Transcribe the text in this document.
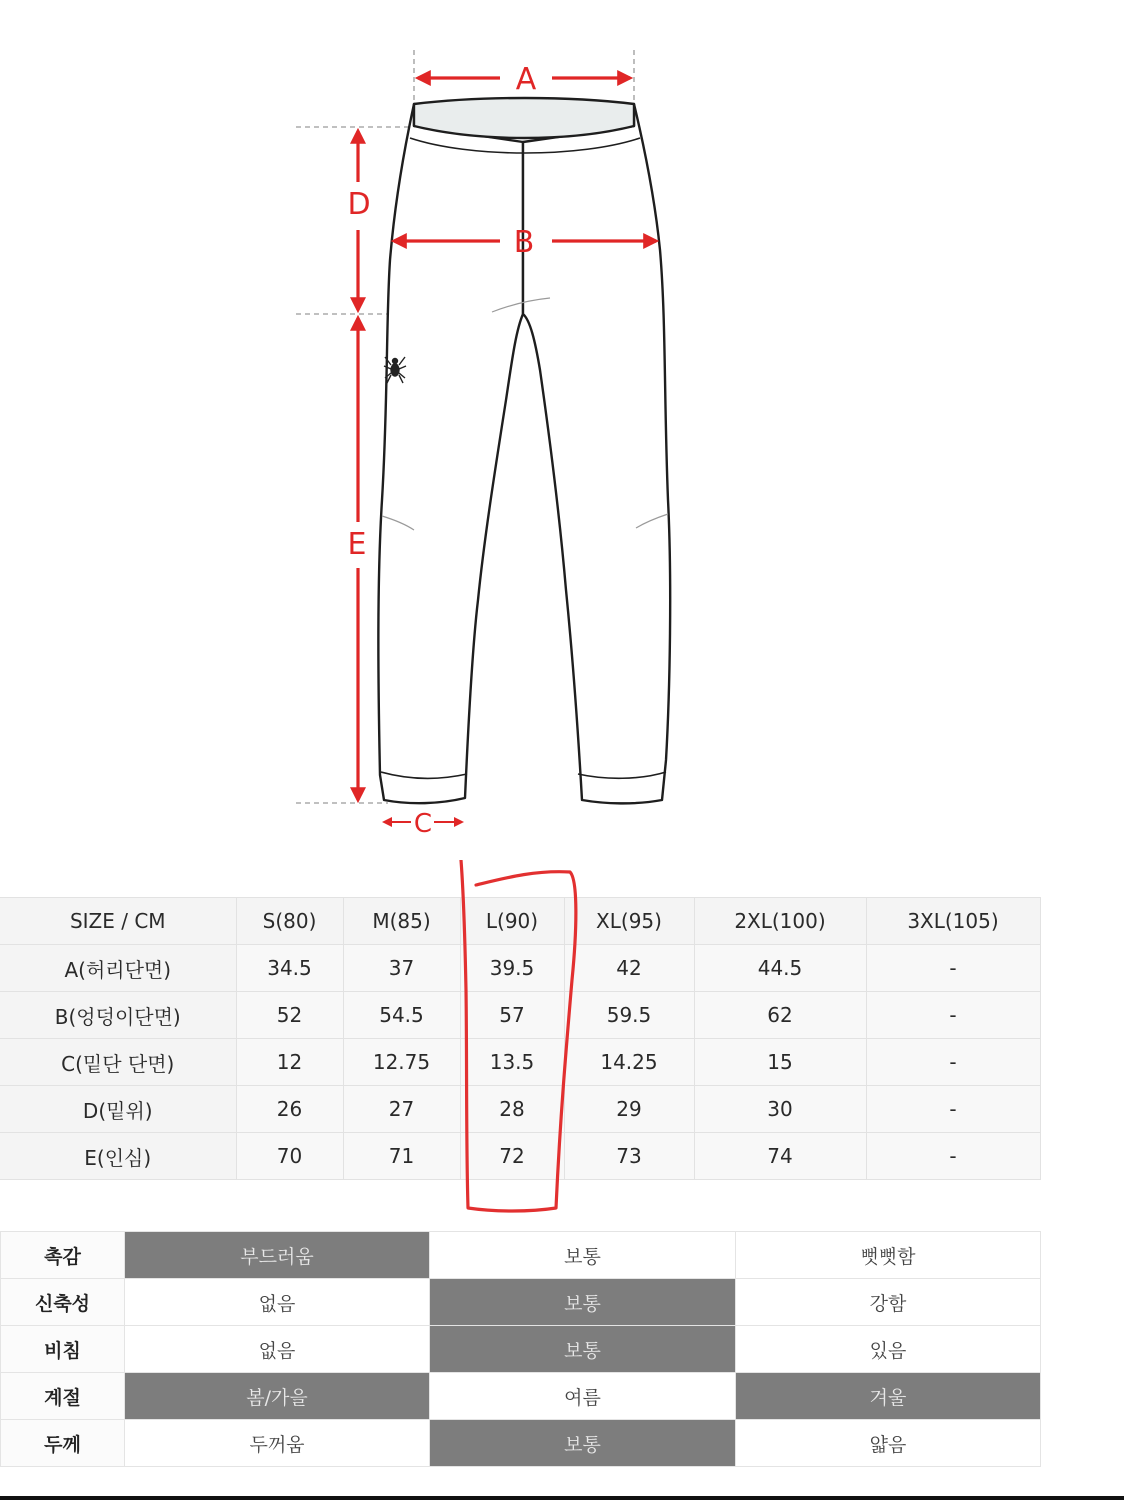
A
B
D
E
C
SIZE / CM	S(80)	M(85)	L(90)	XL(95)	2XL(100)	3XL(105)
A(허리단면)	34.5	37	39.5	42	44.5	-
B(엉덩이단면)	52	54.5	57	59.5	62	-
C(밑단 단면)	12	12.75	13.5	14.25	15	-
D(밑위)	26	27	28	29	30	-
E(인심)	70	71	72	73	74	-
촉감	부드러움	보통	뻣뻣함
신축성	없음	보통	강함
비침	없음	보통	있음
계절	봄/가을	여름	겨울
두께	두꺼움	보통	얇음
